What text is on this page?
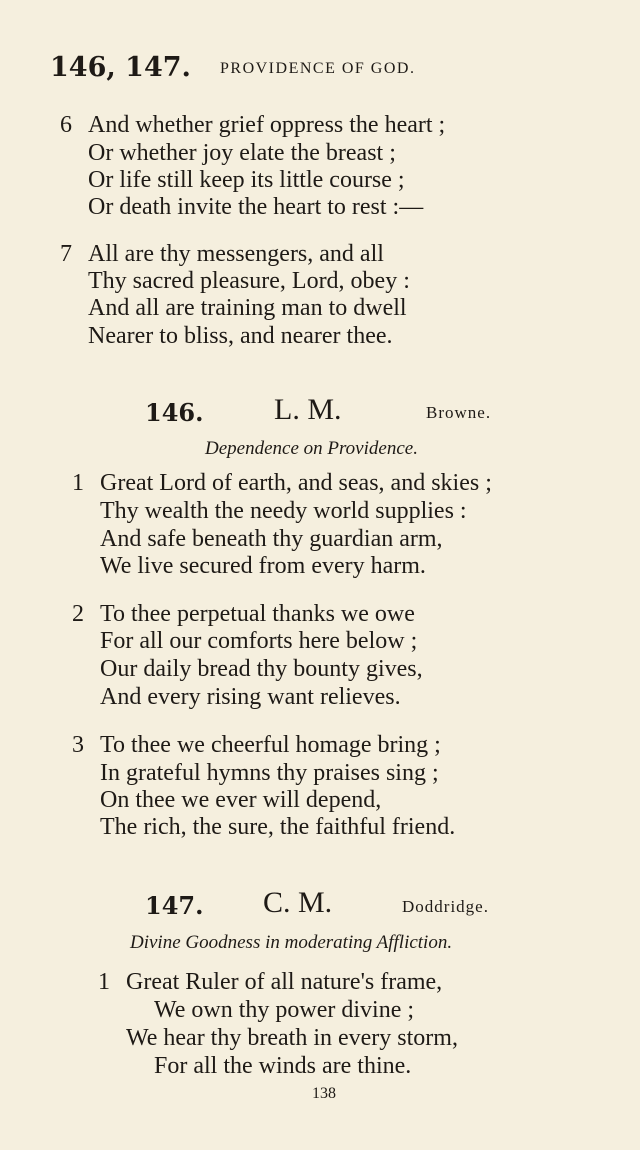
146, 147. PROVIDENCE OF GOD.
6 And whether grief oppress the heart ;
Or whether joy elate the breast ;
Or life still keep its little course ;
Or death invite the heart to rest :—
7 All are thy messengers, and all
Thy sacred pleasure, Lord, obey :
And all are training man to dwell
Nearer to bliss, and nearer thee.
146. L. M.	Browne.
Dependence on Providence.
1 Great Lord of earth, and seas, and skies ;
Thy wealth the needy world supplies :
And safe beneath thy guardian arm,
We live secured from every harm.
2 To thee perpetual thanks we owe
For all our comforts here below ;
Our daily bread thy bounty gives,
And every rising want relieves.
3 To thee we cheerful homage bring ;
In grateful hymns thy praises sing ;
On thee we ever will depend,
The rich, the sure, the faithful friend.
147. C. M.	Doddridge.
Divine Goodness in moderating Affliction.
1 Great Ruler of all nature's frame,
We own thy power divine ;
We hear thy breath in every storm,
For all the winds are thine.
138
